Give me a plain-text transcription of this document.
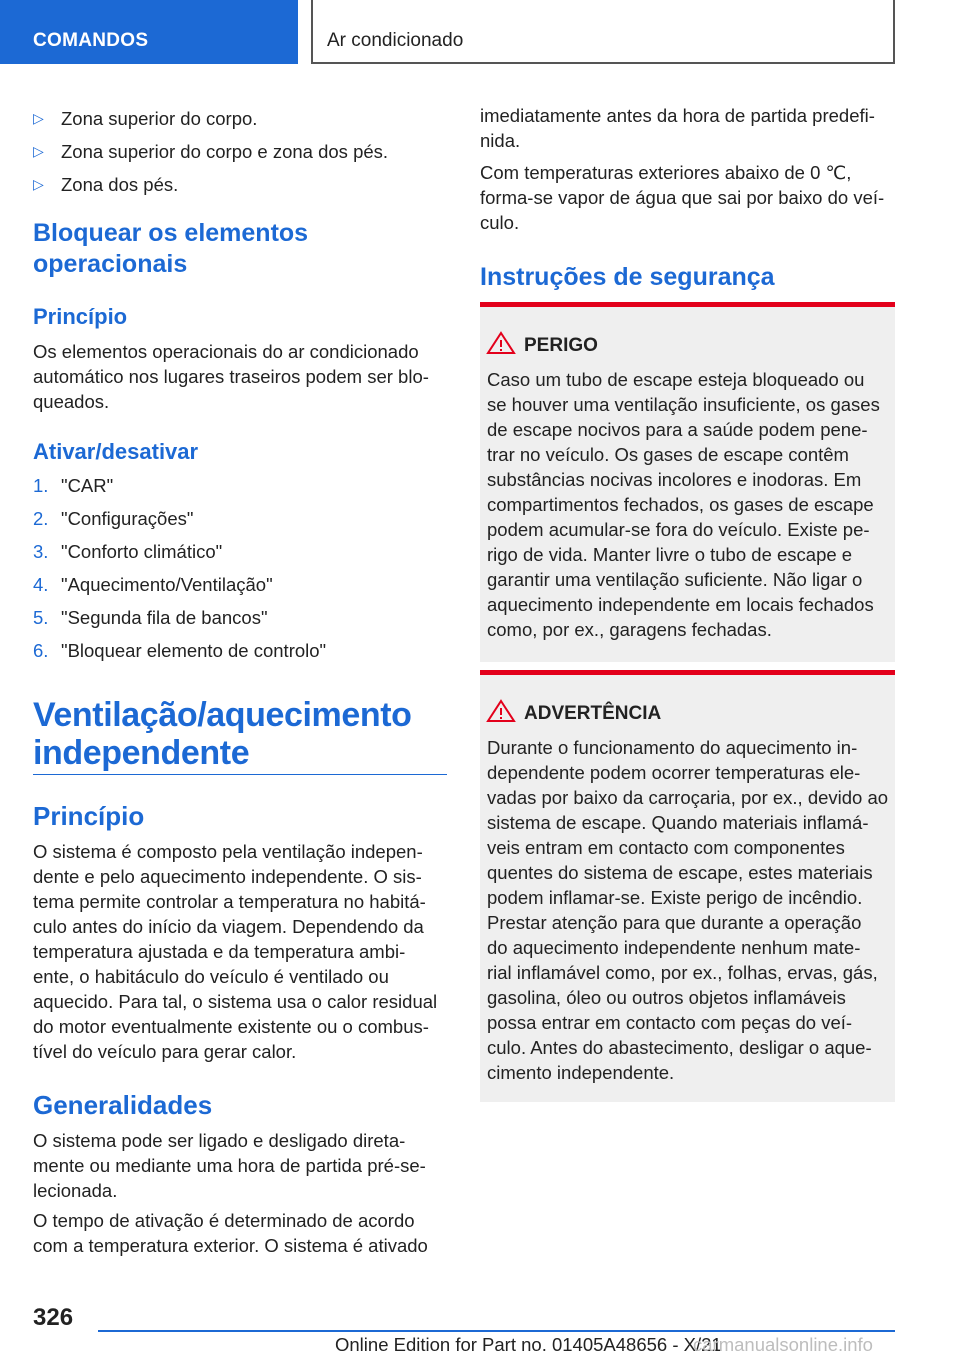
COMANDOS	Ar condicionado
▷ Zona superior do corpo.
▷ Zona superior do corpo e zona dos pés.
▷ Zona dos pés.
Bloquear os elementos
operacionais
Princípio
Os elementos operacionais do ar condicionado
automático nos lugares traseiros podem ser blo-
queados.
Ativar/desativar
1. "CAR"
2. "Configurações"
3. "Conforto climático"
4. "Aquecimento/Ventilação"
5. "Segunda fila de bancos"
6. "Bloquear elemento de controlo"
Ventilação/aquecimento
independente
Princípio
O sistema é composto pela ventilação indepen-
dente e pelo aquecimento independente. O sis-
tema permite controlar a temperatura no habitá-
culo antes do início da viagem. Dependendo da
temperatura ajustada e da temperatura ambi-
ente, o habitáculo do veículo é ventilado ou
aquecido. Para tal, o sistema usa o calor residual
do motor eventualmente existente ou o combus-
tível do veículo para gerar calor.
Generalidades
O sistema pode ser ligado e desligado direta-
mente ou mediante uma hora de partida pré-se-
lecionada.
O tempo de ativação é determinado de acordo
com a temperatura exterior. O sistema é ativado
imediatamente antes da hora de partida predefi-
nida.
Com temperaturas exteriores abaixo de 0 ℃,
forma-se vapor de água que sai por baixo do veí-
culo.
Instruções de segurança
PERIGO
Caso um tubo de escape esteja bloqueado ou
se houver uma ventilação insuficiente, os gases
de escape nocivos para a saúde podem pene-
trar no veículo. Os gases de escape contêm
substâncias nocivas incolores e inodoras. Em
compartimentos fechados, os gases de escape
podem acumular-se fora do veículo. Existe pe-
rigo de vida. Manter livre o tubo de escape e
garantir uma ventilação suficiente. Não ligar o
aquecimento independente em locais fechados
como, por ex., garagens fechadas.
ADVERTÊNCIA
Durante o funcionamento do aquecimento in-
dependente podem ocorrer temperaturas ele-
vadas por baixo da carroçaria, por ex., devido ao
sistema de escape. Quando materiais inflamá-
veis entram em contacto com componentes
quentes do sistema de escape, estes materiais
podem inflamar-se. Existe perigo de incêndio.
Prestar atenção para que durante a operação
do aquecimento independente nenhum mate-
rial inflamável como, por ex., folhas, ervas, gás,
gasolina, óleo ou outros objetos inflamáveis
possa entrar em contacto com peças do veí-
culo. Antes do abastecimento, desligar o aque-
cimento independente.
326
Online Edition for Part no. 01405A48656 - X/21
carmanualsonline.info
